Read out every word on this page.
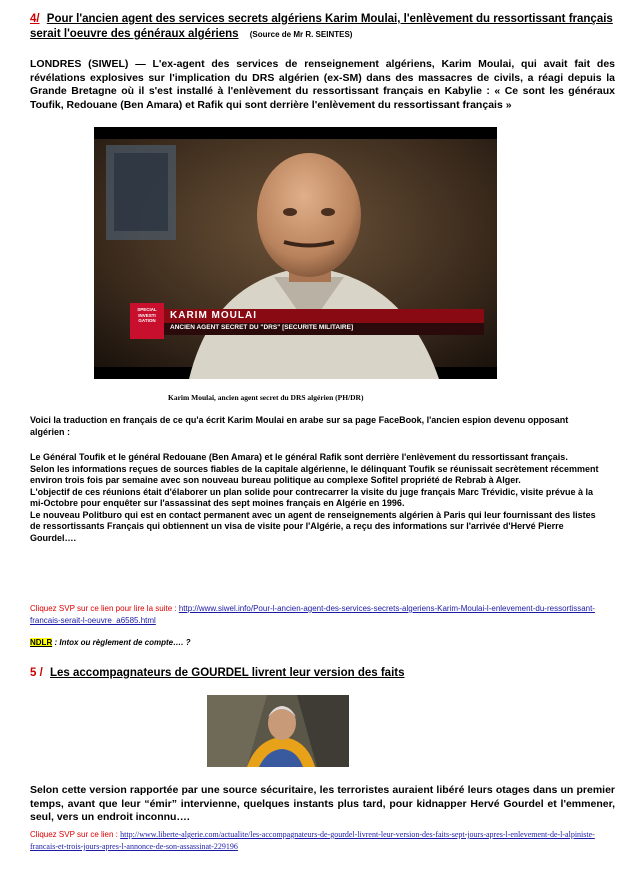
4/ Pour l'ancien agent des services secrets algériens Karim Moulai, l'enlèvement du ressortissant français serait l'oeuvre des généraux algériens (Source de Mr R. SEINTES)
LONDRES (SIWEL) — L'ex-agent des services de renseignement algériens, Karim Moulai, qui avait fait des révélations explosives sur l'implication du DRS algérien (ex-SM) dans des massacres de civils, a réagi depuis la Grande Bretagne où il s'est installé à l'enlèvement du ressortissant français en Kabylie : « Ce sont les généraux Toufik, Redouane (Ben Amara) et Rafik qui sont derrière l'enlèvement du ressortissant français »
SPECIAL INVESTI GATION	KARIM MOULAI
ANCIEN AGENT SECRET DU "DRS" [SECURITE MILITAIRE]
Karim Moulai, ancien agent secret du DRS algérien (PH/DR)
Voici la traduction en français de ce qu'a écrit Karim Moulai en arabe sur sa page FaceBook, l'ancien espion devenu opposant algérien :

Le Général Toufik et le général Redouane (Ben Amara) et le général Rafik sont derrière l'enlèvement du ressortissant français.

Selon les informations reçues de sources fiables de la capitale algérienne, le délinquant Toufik se réunissait secrètement récemment environ trois fois par semaine avec son nouveau bureau politique au complexe Sofitel propriété de Rebrab à Alger.

L'objectif de ces réunions était d'élaborer un plan solide pour contrecarrer la visite du juge français Marc Trévidic, visite prévue à la mi-Octobre pour enquêter sur l'assassinat des sept moines français en Algérie en 1996.

Le nouveau Politburo qui est en contact permanent avec un agent de renseignements algérien à Paris qui leur fournissant des listes de ressortissants Français qui obtiennent un visa de visite pour l'Algérie, a reçu des informations sur l'arrivée d'Hervé Pierre Gourdel….

Cliquez SVP sur ce lien pour lire la suite : http://www.siwel.info/Pour-l-ancien-agent-des-services-secrets-algeriens-Karim-Moulai-l-enlevement-du-ressortissant-francais-serait-l-oeuvre_a6585.html
NDLR : Intox ou règlement de compte…. ?
5 / Les accompagnateurs de GOURDEL livrent leur version des faits
Selon cette version rapportée par une source sécuritaire, les terroristes auraient libéré leurs otages dans un premier temps, avant que leur “émir” intervienne, quelques instants plus tard, pour kidnapper Hervé Gourdel et l'emmener, seul, vers un endroit inconnu….
Cliquez SVP sur ce lien : http://www.liberte-algerie.com/actualite/les-accompagnateurs-de-gourdel-livrent-leur-version-des-faits-sept-jours-apres-l-enlevement-de-l-alpiniste-francais-et-trois-jours-apres-l-annonce-de-son-assassinat-229196
